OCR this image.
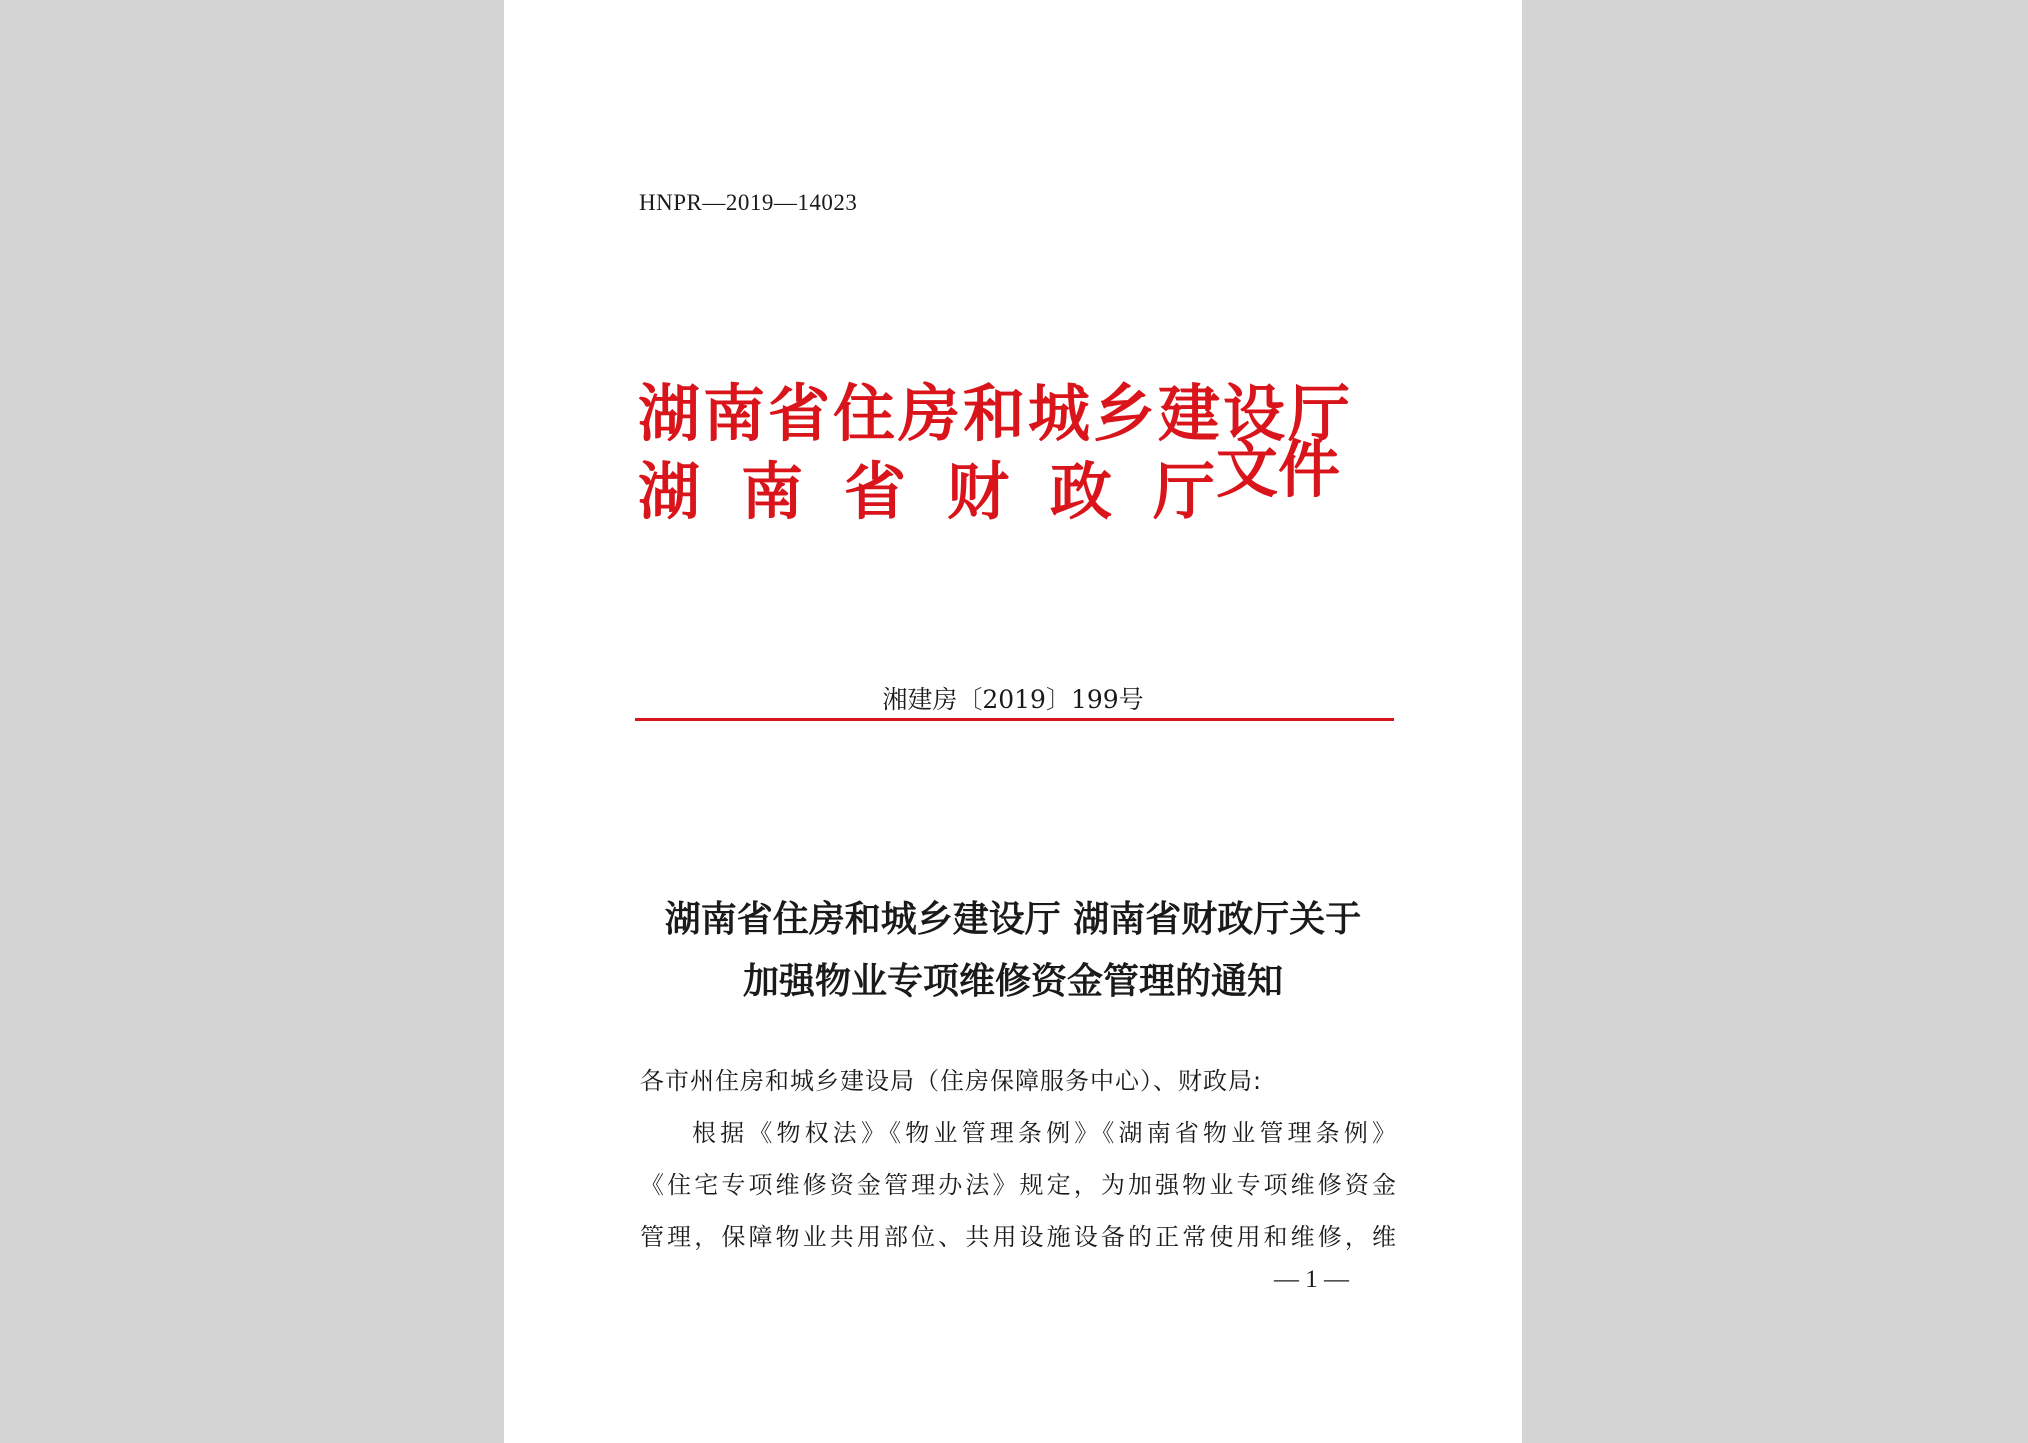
HNPR—2019—14023
湖南省住房和城乡建设厅
湖南省财政厅
文件
湘建房〔2019〕199号
湖南省住房和城乡建设厅 湖南省财政厅关于
加强物业专项维修资金管理的通知
各市州住房和城乡建设局（住房保障服务中心）、财政局:
根据《物权法》《物业管理条例》《湖南省物业管理条例》
《住宅专项维修资金管理办法》规定，为加强物业专项维修资金
管理，保障物业共用部位、共用设施设备的正常使用和维修，维
— 1 —
